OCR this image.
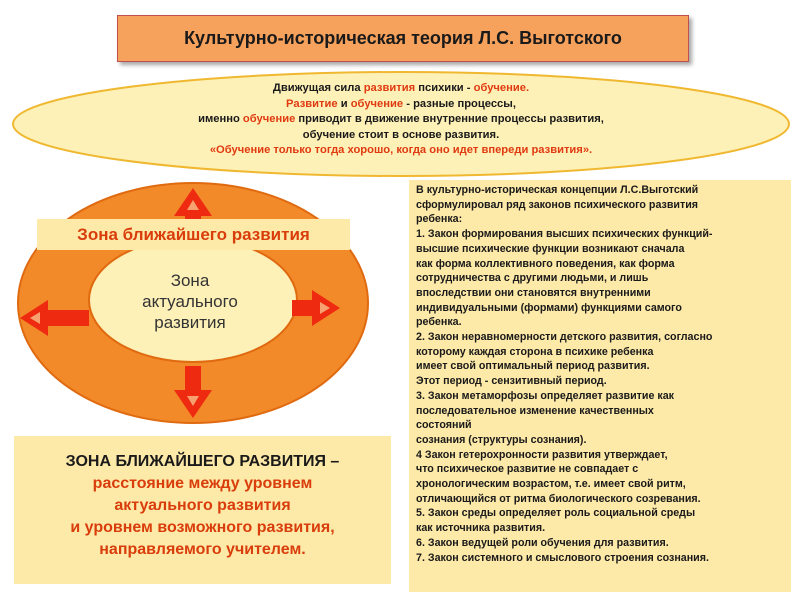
Культурно-историческая теория Л.С. Выготского
Движущая сила развития психики - обучение.
Развитие и обучение - разные процессы,
именно обучение приводит в движение внутренние процессы развития,
обучение стоит в основе развития.
«Обучение только тогда хорошо, когда оно идет впереди развития».
Зона ближайшего развития
Зона
актуального
развития
ЗОНА БЛИЖАЙШЕГО РАЗВИТИЯ –
расстояние между уровнем
актуального развития
и уровнем возможного развития,
направляемого учителем.
В культурно-историческая концепции Л.С.Выготский
сформулировал ряд законов психического развития
ребенка:
1. Закон формирования высших психических функций-
высшие психические функции возникают сначала
как форма коллективного поведения, как форма
сотрудничества с другими людьми, и лишь
впоследствии они становятся внутренними
индивидуальными (формами) функциями самого
ребенка.
2. Закон неравномерности детского развития, согласно
которому каждая сторона в психике ребенка
имеет свой оптимальный период развития.
Этот период - сензитивный период.
3. Закон метаморфозы определяет развитие как
последовательное изменение качественных
состояний
сознания (структуры сознания).
4 Закон гетерохронности развития утверждает,
что психическое развитие не совпадает с
хронологическим возрастом, т.е. имеет свой ритм,
отличающийся от ритма биологического созревания.
5. Закон среды определяет роль социальной среды
как источника развития.
6. Закон ведущей роли обучения для развития.
7. Закон системного и смыслового строения сознания.
